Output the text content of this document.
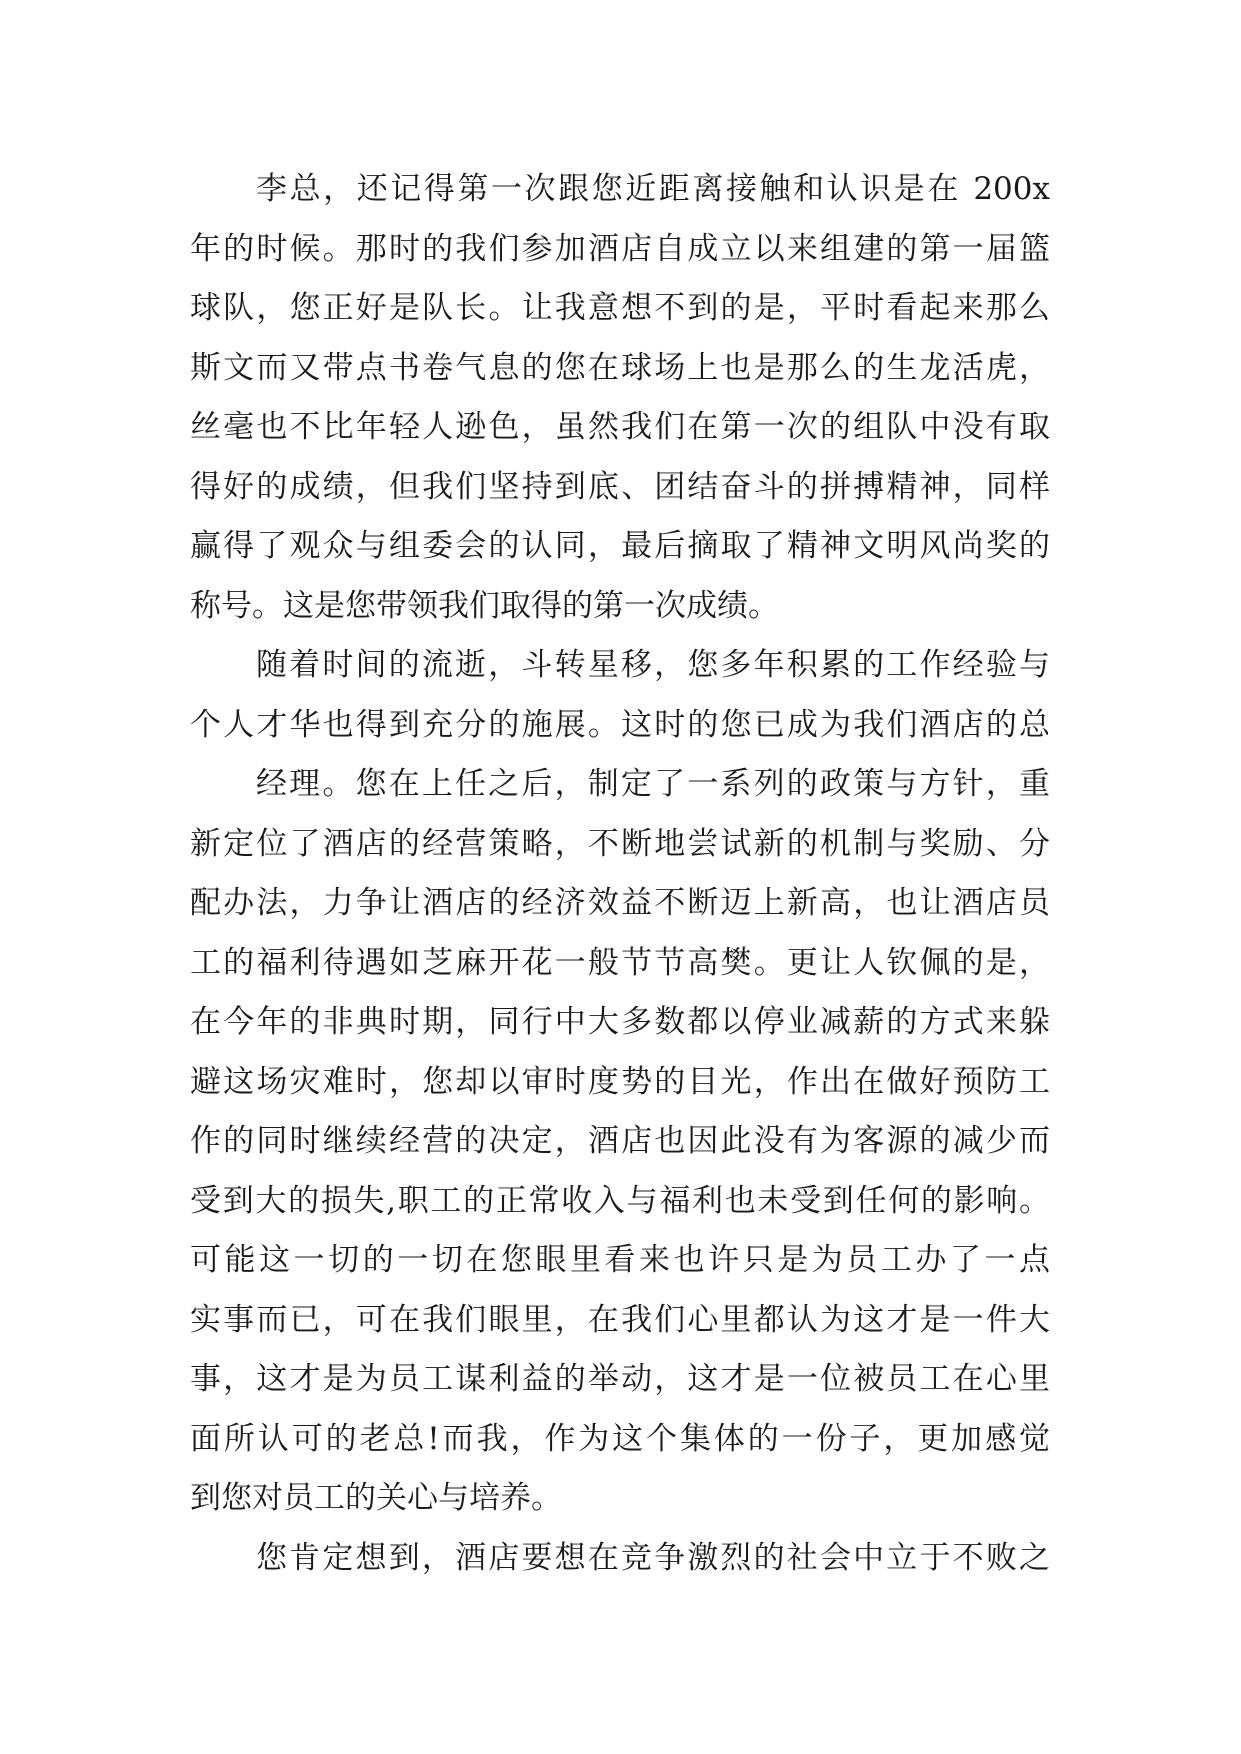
李总，还记得第一次跟您近距离接触和认识是在 200x
年的时候。那时的我们参加酒店自成立以来组建的第一届篮
球队，您正好是队长。让我意想不到的是，平时看起来那么
斯文而又带点书卷气息的您在球场上也是那么的生龙活虎，
丝毫也不比年轻人逊色，虽然我们在第一次的组队中没有取
得好的成绩，但我们坚持到底、团结奋斗的拼搏精神，同样
赢得了观众与组委会的认同，最后摘取了精神文明风尚奖的
称号。这是您带领我们取得的第一次成绩。
随着时间的流逝，斗转星移，您多年积累的工作经验与
个人才华也得到充分的施展。这时的您已成为我们酒店的总
经理。您在上任之后，制定了一系列的政策与方针，重
新定位了酒店的经营策略，不断地尝试新的机制与奖励、分
配办法，力争让酒店的经济效益不断迈上新高，也让酒店员
工的福利待遇如芝麻开花一般节节高樊。更让人钦佩的是，
在今年的非典时期，同行中大多数都以停业减薪的方式来躲
避这场灾难时，您却以审时度势的目光，作出在做好预防工
作的同时继续经营的决定，酒店也因此没有为客源的减少而
受到大的损失,职工的正常收入与福利也未受到任何的影响。
可能这一切的一切在您眼里看来也许只是为员工办了一点
实事而已，可在我们眼里，在我们心里都认为这才是一件大
事，这才是为员工谋利益的举动，这才是一位被员工在心里
面所认可的老总!而我，作为这个集体的一份子，更加感觉
到您对员工的关心与培养。
您肯定想到，酒店要想在竞争激烈的社会中立于不败之
